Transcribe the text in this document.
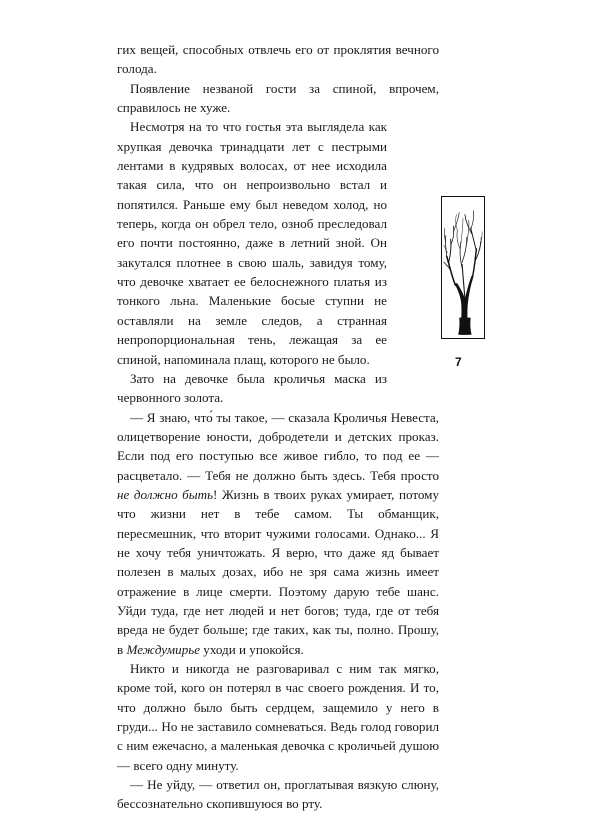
гих вещей, способных отвлечь его от проклятия вечного голода.

Появление незваной гости за спиной, впрочем, справилось не хуже.

Несмотря на то что гостья эта выглядела как хрупкая девочка тринадцати лет с пестрыми лентами в кудрявых волосах, от нее исходила такая сила, что он непроизвольно встал и попятился. Раньше ему был неведом холод, но теперь, когда он обрел тело, озноб преследовал его почти постоянно, даже в летний зной. Он закутался плотнее в свою шаль, завидуя тому, что девочке хватает ее белоснежного платья из тонкого льна. Маленькие босые ступни не оставляли на земле следов, а странная непропорциональная тень, лежащая за ее спиной, напоминала плащ, которого не было.

Зато на девочке была кроличья маска из червонного золота.

— Я знаю, что́ ты такое, — сказала Кроличья Невеста, олицетворение юности, добродетели и детских проказ. Если под его поступью все живое гибло, то под ее — расцветало. — Тебя не должно быть здесь. Тебя просто не должно быть! Жизнь в твоих руках умирает, потому что жизни нет в тебе самом. Ты обманщик, пересмешник, что вторит чужими голосами. Однако... Я не хочу тебя уничтожать. Я верю, что даже яд бывает полезен в малых дозах, ибо не зря сама жизнь имеет отражение в лице смерти. Поэтому дарую тебе шанс. Уйди туда, где нет людей и нет богов; туда, где от тебя вреда не будет больше; где таких, как ты, полно. Прошу, в Междумирье уходи и упокойся.

Никто и никогда не разговаривал с ним так мягко, кроме той, кого он потерял в час своего рождения. И то, что должно было быть сердцем, защемило у него в груди... Но не заставило сомневаться. Ведь голод говорил с ним ежечасно, а маленькая девочка с кроличьей душою — всего одну минуту.

— Не уйду, — ответил он, проглатывая вязкую слюну, бессознательно скопившуюся во рту.

7
